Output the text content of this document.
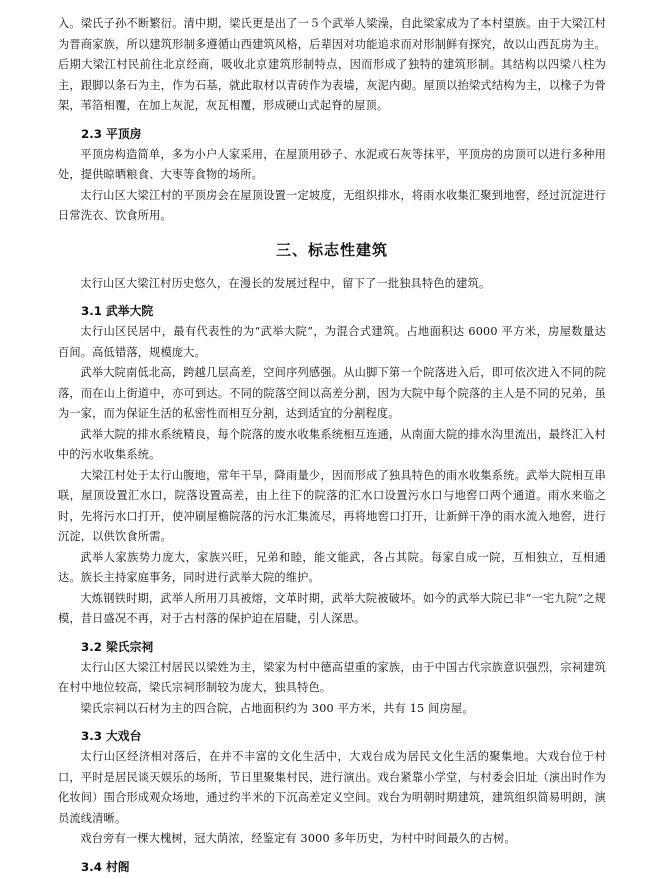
入。梁氏子孙不断繁衍。清中期，梁氏更是出了一５个武举人梁澡，自此梁家成为了本村望族。由于大梁江村为晋商家族，所以建筑形制多遵循山西建筑风格，后辈因对功能追求而对形制鲜有探究，故以山西瓦房为主。后期大梁江村民前往北京经商，吸收北京建筑形制特点，因而形成了独特的建筑形制。其结构以四梁八柱为主，跟脚以条石为主，作为石基，就此取材以青砖作为表墙，灰泥内砌。屋顶以抬梁式结构为主，以椽子为骨架，苇箔相覆，在加上灰泥，灰瓦相覆，形成硬山式起脊的屋顶。

2.3 平顶房

平顶房构造简单，多为小户人家采用，在屋顶用砂子、水泥或石灰等抹平，平顶房的房顶可以进行多种用处，提供晾晒粮食、大枣等食物的场所。

太行山区大梁江村的平顶房会在屋顶设置一定坡度，无组织排水，将雨水收集汇聚到地窖，经过沉淀进行日常洗衣、饮食所用。

三、标志性建筑

太行山区大梁江村历史悠久，在漫长的发展过程中，留下了一批独具特色的建筑。

3.1 武举大院

太行山区民居中，最有代表性的为“武举大院”，为混合式建筑。占地面积达 6000 平方米，房屋数量达百间。高低错落，规模庞大。

武举大院南低北高，跨越几层高差，空间序列感强。从山脚下第一个院落进入后，即可依次进入不同的院落，而在山上街道中，亦可到达。不同的院落空间以高差分割，因为大院中每个院落的主人是不同的兄弟，虽为一家，而为保证生活的私密性而相互分割，达到适宜的分割程度。

武举大院的排水系统精良，每个院落的废水收集系统相互连通，从南面大院的排水沟里流出，最终汇入村中的污水收集系统。

大梁江村处于太行山腹地，常年干旱，降雨量少，因而形成了独具特色的雨水收集系统。武举大院相互串联，屋顶设置汇水口，院落设置高差，由上往下的院落的汇水口设置污水口与地窖口两个通道。雨水来临之时，先将污水口打开，使冲刷屋檐院落的污水汇集流尽，再将地窖口打开，让新鲜干净的雨水流入地窖，进行沉淀，以供饮食所需。

武举人家族势力庞大，家族兴旺，兄弟和睦，能文能武，各占其院。每家自成一院，互相独立，互相通达。族长主持家庭事务，同时进行武举大院的维护。

大炼钢铁时期，武举人所用刀具被熔，文革时期，武举大院被破坏。如今的武举大院已非“一宅九院”之规模，昔日盛况不再，对于古村落的保护迫在眉睫，引人深思。

3.2 梁氏宗祠

太行山区大梁江村居民以梁姓为主，梁家为村中德高望重的家族，由于中国古代宗族意识强烈，宗祠建筑在村中地位较高，梁氏宗祠形制较为庞大，独具特色。

梁氏宗祠以石材为主的四合院，占地面积约为 300 平方米，共有 15 间房屋。

3.3 大戏台

太行山区经济相对落后，在并不丰富的文化生活中，大戏台成为居民文化生活的聚集地。大戏台位于村口，平时是居民谈天娱乐的场所，节日里聚集村民，进行演出。戏台紧靠小学堂，与村委会旧址（演出时作为化妆间）围合形成观众场地，通过约半米的下沉高差定义空间。戏台为明朝时期建筑，建筑组织简易明朗，演员流线清晰。

戏台旁有一棵大槐树，冠大荫浓，经鉴定有 3000 多年历史，为村中时间最久的古树。

3.4 村阁
